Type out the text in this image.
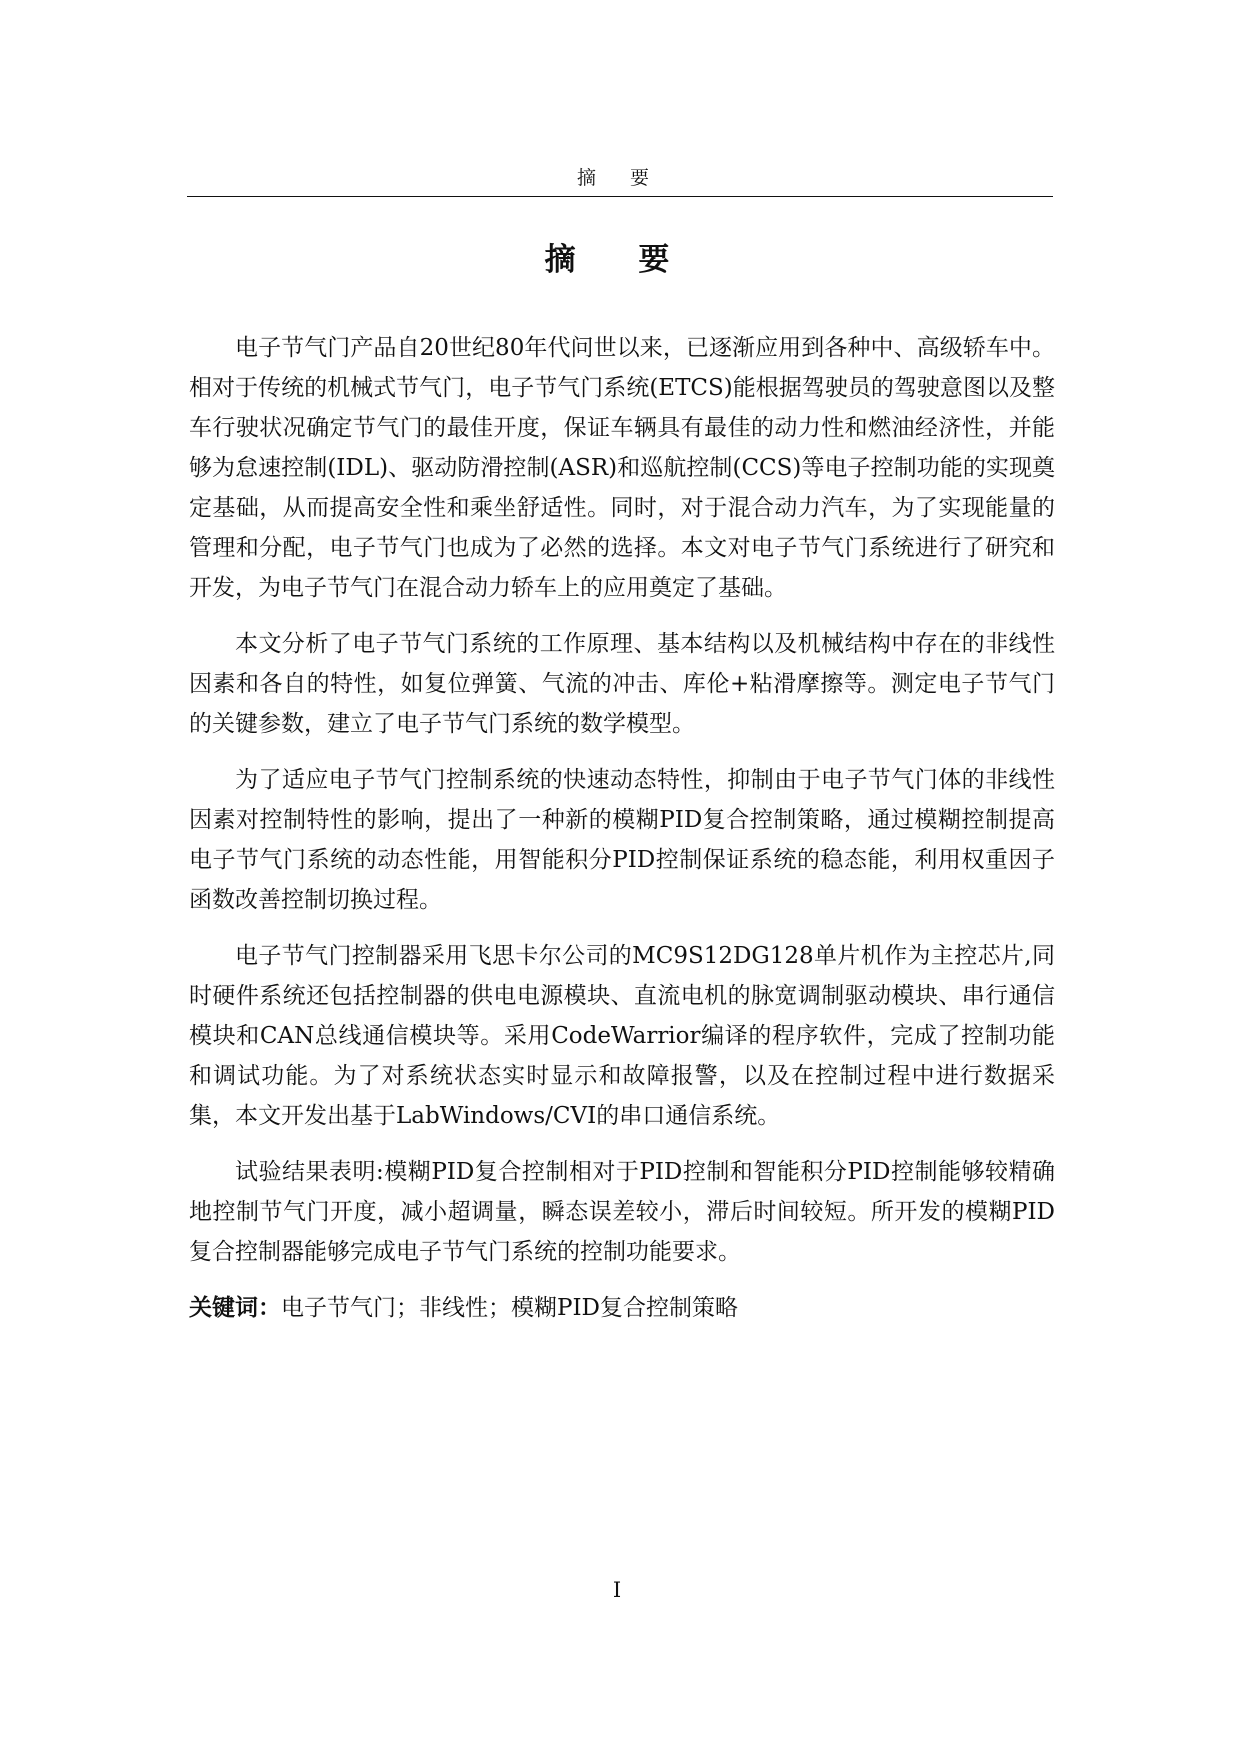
摘 要
摘 要

电子节气门产品自20世纪80年代问世以来，已逐渐应用到各种中、高级轿车中。相对于传统的机械式节气门，电子节气门系统(ETCS)能根据驾驶员的驾驶意图以及整车行驶状况确定节气门的最佳开度，保证车辆具有最佳的动力性和燃油经济性，并能够为怠速控制(IDL)、驱动防滑控制(ASR)和巡航控制(CCS)等电子控制功能的实现奠定基础，从而提高安全性和乘坐舒适性。同时，对于混合动力汽车，为了实现能量的管理和分配，电子节气门也成为了必然的选择。本文对电子节气门系统进行了研究和开发，为电子节气门在混合动力轿车上的应用奠定了基础。

本文分析了电子节气门系统的工作原理、基本结构以及机械结构中存在的非线性因素和各自的特性，如复位弹簧、气流的冲击、库伦+粘滑摩擦等。测定电子节气门的关键参数，建立了电子节气门系统的数学模型。

为了适应电子节气门控制系统的快速动态特性，抑制由于电子节气门体的非线性因素对控制特性的影响，提出了一种新的模糊PID复合控制策略，通过模糊控制提高电子节气门系统的动态性能，用智能积分PID控制保证系统的稳态能，利用权重因子函数改善控制切换过程。

电子节气门控制器采用飞思卡尔公司的MC9S12DG128单片机作为主控芯片,同时硬件系统还包括控制器的供电电源模块、直流电机的脉宽调制驱动模块、串行通信模块和CAN总线通信模块等。采用CodeWarrior编译的程序软件，完成了控制功能和调试功能。为了对系统状态实时显示和故障报警，以及在控制过程中进行数据采集，本文开发出基于LabWindows/CVI的串口通信系统。

试验结果表明:模糊PID复合控制相对于PID控制和智能积分PID控制能够较精确地控制节气门开度，减小超调量，瞬态误差较小，滞后时间较短。所开发的模糊PID复合控制器能够完成电子节气门系统的控制功能要求。

关键词：电子节气门；非线性；模糊PID复合控制策略

I
